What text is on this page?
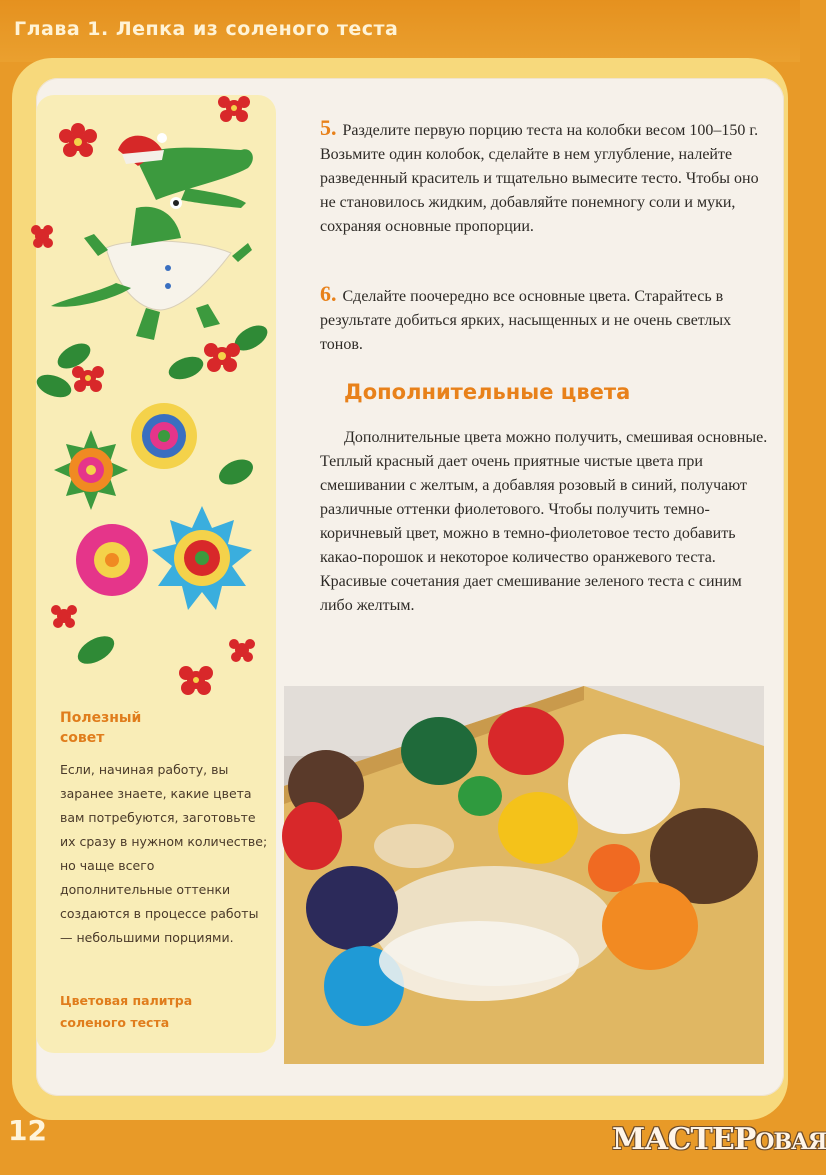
Глава 1. Лепка из соленого теста
Полезный
совет
Если, начиная работу, вы заранее знаете, какие цвета вам потребуются, заготовьте их сразу в нужном количестве; но чаще всего дополнительные оттенки создаются в процессе работы — небольшими порциями.
Цветовая палитра
соленого теста
5. Разделите первую порцию теста на колобки весом 100–150 г. Возьмите один колобок, сделайте в нем углубление, налейте разведенный краситель и тщательно вымесите тесто. Чтобы оно не становилось жидким, добавляйте понемногу соли и муки, сохраняя основные пропорции.
6. Сделайте поочередно все основные цвета. Старайтесь в результате добиться ярких, насыщенных и не очень светлых тонов.
Дополнительные цвета
Дополнительные цвета можно получить, смешивая основные. Теплый красный дает очень приятные чистые цвета при смешивании с желтым, а добавляя розовый в синий, получают различные оттенки фиолетового. Чтобы получить темно-коричневый цвет, можно в темно-фиолетовое тесто добавить какао-порошок и некоторое количество оранжевого теста. Красивые сочетания дает смешивание зеленого теста с синим либо желтым.
12	МАСТЕРОВАЯ
